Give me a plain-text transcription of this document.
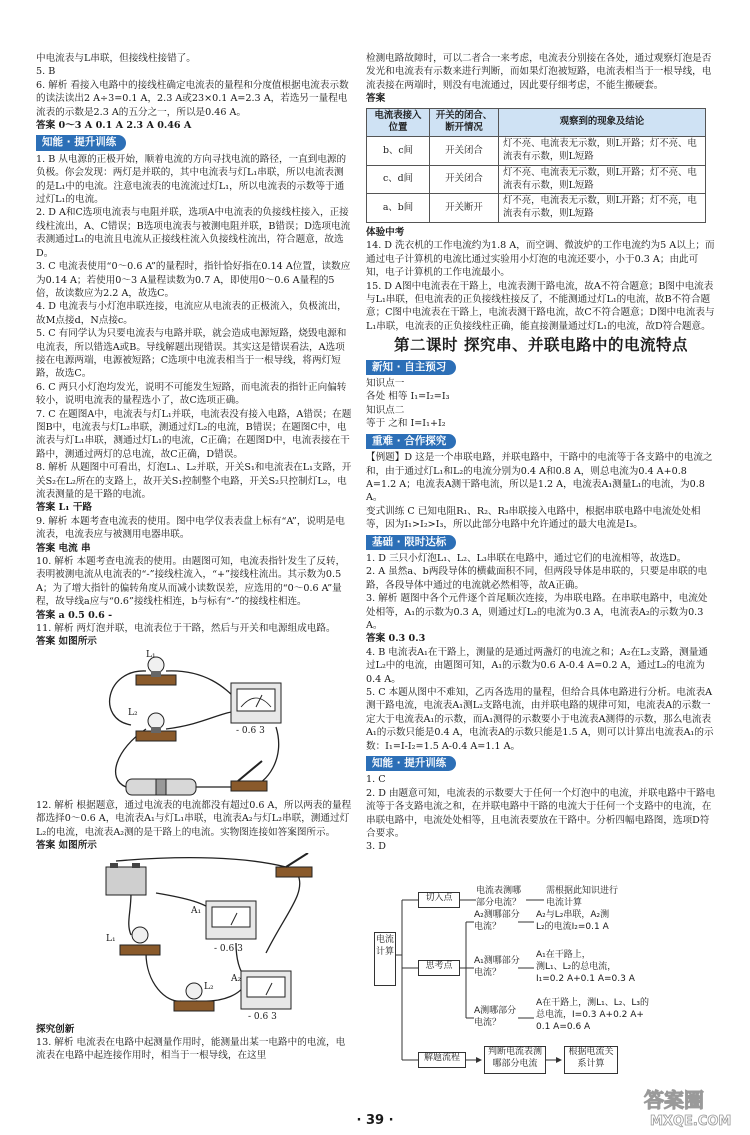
中电流表与L串联，但接线柱接错了。

5. B

6. 解析 看接入电路中的接线柱确定电流表的量程和分度值根据电流表示数的读法读出2 A÷3=0.1 A，2.3 A或23×0.1 A=2.3 A，若选另一量程电流表的示数是2.3 A的五分之一，所以是0.46 A。

答案 0～3 A 0.1 A 2.3 A 0.46 A

知能 · 提升训练

1. B 从电源的正极开始，顺着电流的方向寻找电流的路径，一直到电源的负极。你会发现：两灯是并联的，其中电流表与灯L₁串联，所以电流表测的是L₁中的电流。注意电流表的电流流过灯L₁，所以电流表的示数等于通过灯L₁的电流。

2. D A和C选项电流表与电阻并联，选项A中电流表的负接线柱接入，正接线柱流出，A、C错误；B选项电流表与被测电阻并联，B错误；D选项电流表测通过L₁的电流且电流从正接线柱流入负接线柱流出，符合题意，故选D。

3. C 电流表使用“0～0.6 A”的量程时，指针恰好指在0.14 A位置，读数应为0.14 A；若使用0～3 A量程读数为0.7 A，即使用0～0.6 A量程的5倍，故读数应为2.2 A，故选C。

4. D 电流表与小灯泡串联连接，电流应从电流表的正极流入，负极流出，故M点接d，N点接c。

5. C 有同学认为只要电流表与电路并联，就会造成电源短路，烧毁电源和电流表，所以错选A或B。导线解题出现错误。其实这是错误看法，A选项接在电源两端，电源被短路；C选项中电流表相当于一根导线，将两灯短路，故选C。

6. C 两只小灯泡均发光，说明不可能发生短路，而电流表的指针正向偏转较小，说明电流表的量程选小了，故C选项正确。

7. C 在题图A中，电流表与灯L₁并联，电流表没有接入电路，A错误；在题图B中，电流表与灯L₂串联，测通过灯L₂的电流，B错误；在题图C中，电流表与灯L₁串联，测通过灯L₁的电流，C正确；在题图D中，电流表接在干路中，测通过两灯的总电流，故C正确，D错误。

8. 解析 从题图中可看出，灯泡L₁、L₂并联，开关S₁和电流表在L₁支路，开关S₂在L₂所在的支路上，故开关S₁控制整个电路，开关S₂只控制灯L₂，电流表测量的是干路的电流。

答案 L₁ 干路

9. 解析 本题考查电流表的使用。图中电学仪表表盘上标有“A”，说明是电流表，电流表应与被测用电器串联。

答案 电流 串

10. 解析 本题考查电流表的使用。由题图可知，电流表指针发生了反转，表明被测电流从电流表的“-”接线柱流入，“+”接线柱流出。其示数为0.5 A；为了增大指针的偏转角度从而减小读数误差，应选用的“0～0.6 A”量程，故导线a应与“0.6”接线柱相连，b与标有“-”的接线柱相连。

答案 a 0.5 0.6 -

11. 解析 两灯泡并联，电流表位于干路，然后与开关和电源组成电路。

答案 如图所示

L₁
L₂
- 0.6 3

12. 解析 根据题意，通过电流表的电流都没有超过0.6 A，所以两表的量程都选择0～0.6 A，电流表A₁与灯L₁串联，电流表A₂与灯L₂串联，测通过灯L₂的电流，电流表A₂测的是干路上的电流。实物图连接如答案图所示。

答案 如图所示

A₁
L₁
- 0.6 3
L₂
A₂
- 0.6 3

探究创新

13. 解析 电流表在电路中起测量作用时，能测量出某一电路中的电流，电流表在电路中起连接作用时，相当于一根导线，在这里

检测电路故障时，可以二者合一来考虑，电流表分别接在各处，通过观察灯泡是否发光和电流表有示数来进行判断，而如果灯泡被短路，电流表相当于一根导线，电流表接在两端时，则没有电流通过，因此要仔细考虑，不能生搬硬套。

答案

电流表接入位置	开关的闭合、断开情况	观察到的现象及结论
b、c间	开关闭合	灯不亮、电流表无示数，则L开路；灯不亮、电流表有示数，则L短路
c、d间	开关闭合	灯不亮、电流表无示数，则L开路；灯不亮、电流表有示数，则L短路
a、b间	开关断开	灯不亮，电流表无示数，则L开路；灯不亮，电流表有示数，则L短路

体验中考

14. D 洗衣机的工作电流约为1.8 A，而空调、微波炉的工作电流约为5 A以上；而通过电子计算机的电流比通过实验用小灯泡的电流还要小，小于0.3 A；由此可知，电子计算机的工作电流最小。

15. D A图中电流表在干路上，电流表测干路电流，故A不符合题意；B图中电流表与L₁串联，但电流表的正负接线柱接反了，不能测通过灯L₁的电流，故B不符合题意；C图中电流表在干路上，电流表测干路电流，故C不符合题意；D图中电流表与L₁串联，电流表的正负接线柱正确，能直接测量通过灯L₁的电流，故D符合题意。

第二课时 探究串、并联电路中的电流特点
新知 · 自主预习

知识点一

各处 相等 I₁=I₂=I₃

知识点二

等于 之和 I=I₁+I₂

重难 · 合作探究

【例题】D 这是一个串联电路，并联电路中，干路中的电流等于各支路中的电流之和，由于通过灯L₁和L₂的电流分别为0.4 A和0.8 A，则总电流为0.4 A+0.8 A=1.2 A；电流表A测干路电流，所以是1.2 A，电流表A₁测量L₁的电流，为0.8 A。

变式训练 C 已知电阻R₁、R₂、R₃串联接入电路中，根据串联电路中电流处处相等，因为I₁>I₂>I₃，所以此部分电路中允许通过的最大电流是I₃。

基础 · 限时达标

1. D 三只小灯泡L₁、L₂、L₃串联在电路中，通过它们的电流相等，故选D。

2. A 虽然a、b两段导体的横截面积不同，但两段导体是串联的，只要是串联的电路，各段导体中通过的电流就必然相等，故A正确。

3. 解析 题图中各个元件逐个首尾顺次连接，为串联电路。在串联电路中，电流处处相等，A₁的示数为0.3 A，则通过灯L₂的电流为0.3 A，电流表A₂的示数为0.3 A。

答案 0.3 0.3

4. B 电流表A₁在干路上，测量的是通过两盏灯的电流之和；A₂在L₂支路，测量通过L₂中的电流，由题图可知，A₁的示数为0.6 A-0.4 A=0.2 A，通过L₂的电流为0.4 A。

5. C 本题从图中不难知，乙丙各选用的量程，但给合具体电路进行分析。电流表A测干路电流，电流表A₁测L₂支路电流，由并联电路的规律可知，电流表A的示数一定大于电流表A₁的示数，而A₁测得的示数要小于电流表A测得的示数，那么电流表A₁的示数只能是0.4 A，电流表A的示数只能是1.5 A，则可以计算出电流表A₁的示数：I₁=I-I₂=1.5 A-0.4 A=1.1 A。

知能 · 提升训练

1. C

2. D 由题意可知，电流表的示数要大于任何一个灯泡中的电流，并联电路中干路电流等于各支路电流之和，在并联电路中干路的电流大于任何一个支路中的电流，在串联电路中，电流处处相等，且电流表要放在干路中。分析四幅电路图，选项D符合要求。

3. D

电流计算
切入点
电流表测哪部分电流？
需根据此知识进行电流计算
思考点
A₂测哪部分电流？
A₂与L₂串联，A₂测
L₂的电流I₂=0.1 A
A₁测哪部分电流？
A₁在干路上，
测L₁、L₂的总电流，
I₁=0.2 A+0.1 A=0.3 A
A测哪部分电流？
A在干路上，测L₁、L₂、L₃的
总电流，I=0.3 A+0.2 A+
0.1 A=0.6 A
解题流程
判断电流表测哪部分电流
根据电流关系计算
· 39 ·
答案圈
MXQE.COM
